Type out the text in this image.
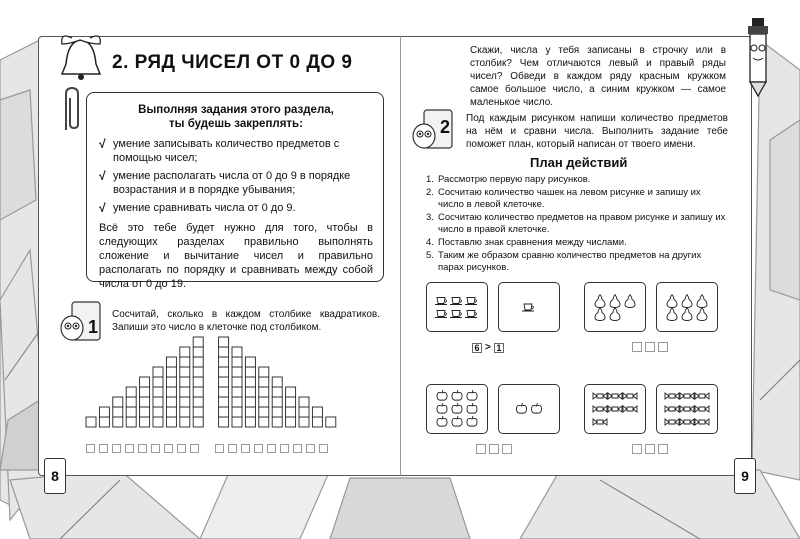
2. РЯД ЧИСЕЛ ОТ 0 ДО 9
Выполняя задания этого раздела,
ты будешь закреплять:
√ умение записывать количество предметов с помощью чисел;
√ умение располагать числа от 0 до 9 в порядке возрастания и в порядке убывания;
√ умение сравнивать числа от 0 до 9.
Всё это тебе будет нужно для того, чтобы в следующих разделах правильно выполнять сложение и вычитание чисел и правильно располагать по порядку и сравнивать между собой числа от 0 до 19.
1
Сосчитай, сколько в каждом столбике квадратиков. Запиши это число в клеточке под столбиком.
8
Скажи, числа у тебя записаны в строчку или в столбик? Чем отличаются левый и правый ряды чисел? Обведи в каждом ряду красным кружком самое большое число, а синим кружком — самое маленькое число.
2	Под каждым рисунком напиши количество предметов на нём и сравни числа. Выполнить задание тебе поможет план, который написан от твоего имени.
План действий
1. Рассмотрю первую пару рисунков.
2. Сосчитаю количество чашек на левом рисунке и запишу их число в левой клеточке.
3. Сосчитаю количество предметов на правом рисунке и запишу их число в правой клеточке.
4. Поставлю знак сравнения между числами.
5. Таким же образом сравню количество предметов на других парах рисунков.
6 > 1
9
